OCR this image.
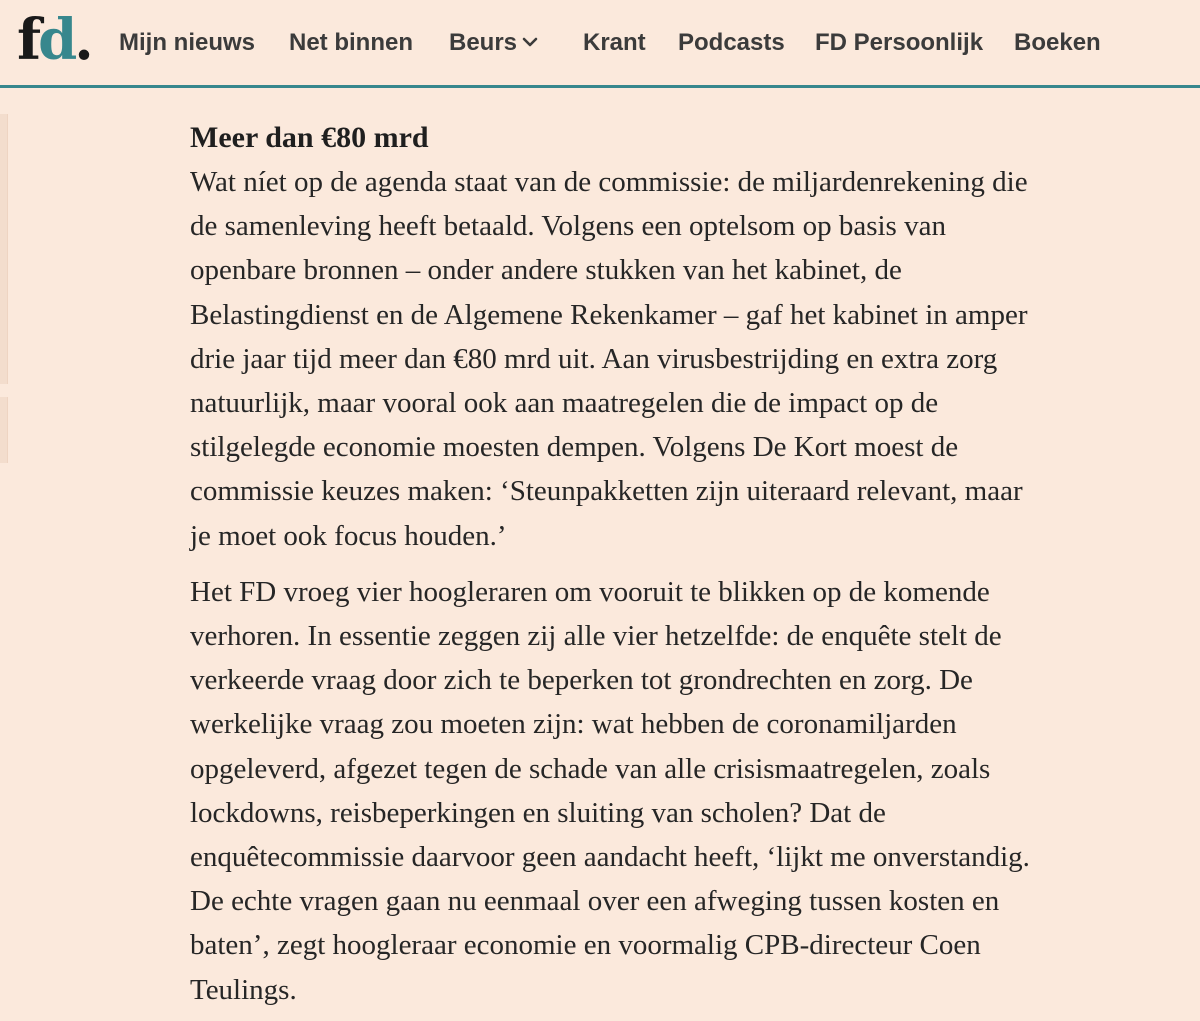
fd. Mijn nieuws Net binnen Beurs	Krant Podcasts FD Persoonlijk Boeken
Meer dan €80 mrd

Wat níet op de agenda staat van de commissie: de miljardenrekening die
de samenleving heeft betaald. Volgens een optelsom op basis van
openbare bronnen – onder andere stukken van het kabinet, de
Belastingdienst en de Algemene Rekenkamer – gaf het kabinet in amper
drie jaar tijd meer dan €80 mrd uit. Aan virusbestrijding en extra zorg
natuurlijk, maar vooral ook aan maatregelen die de impact op de
stilgelegde economie moesten dempen. Volgens De Kort moest de
commissie keuzes maken: ‘Steunpakketten zijn uiteraard relevant, maar
je moet ook focus houden.’

Het FD vroeg vier hoogleraren om vooruit te blikken op de komende
verhoren. In essentie zeggen zij alle vier hetzelfde: de enquête stelt de
verkeerde vraag door zich te beperken tot grondrechten en zorg. De
werkelijke vraag zou moeten zijn: wat hebben de coronamiljarden
opgeleverd, afgezet tegen de schade van alle crisismaatregelen, zoals
lockdowns, reisbeperkingen en sluiting van scholen? Dat de
enquêtecommissie daarvoor geen aandacht heeft, ‘lijkt me onverstandig.
De echte vragen gaan nu eenmaal over een afweging tussen kosten en
baten’, zegt hoogleraar economie en voormalig CPB-directeur Coen
Teulings.
